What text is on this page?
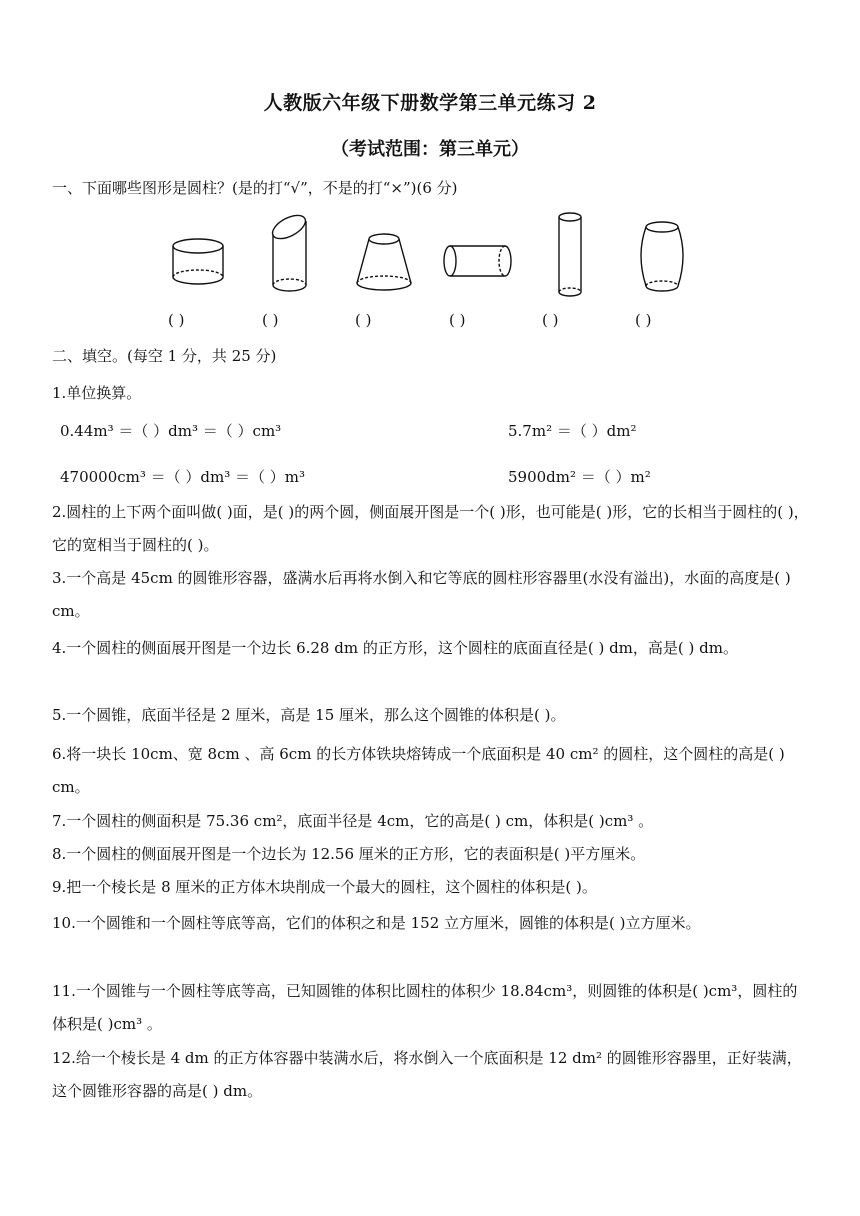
人教版六年级下册数学第三单元练习 2
（考试范围：第三单元）
一、下面哪些图形是圆柱？(是的打“√”，不是的打“×”)(6 分)
( )	( )	( )	( )	( )	( )
二、填空。(每空 1 分，共 25 分)
1.单位换算。
0.44m³ ＝（ ）dm³ ＝（ ）cm³	5.7m² ＝（ ）dm²
470000cm³ ＝（ ）dm³ ＝（ ）m³	5900dm² ＝（ ）m²
2.圆柱的上下两个面叫做( )面，是( )的两个圆，侧面展开图是一个( )形，也可能是( )形，它的长相当于圆柱的( )，它的宽相当于圆柱的( )。
3.一个高是 45cm 的圆锥形容器，盛满水后再将水倒入和它等底的圆柱形容器里(水没有溢出)，水面的高度是( ) cm。
4.一个圆柱的侧面展开图是一个边长 6.28 dm 的正方形，这个圆柱的底面直径是( ) dm，高是( ) dm。
5.一个圆锥，底面半径是 2 厘米，高是 15 厘米，那么这个圆锥的体积是( )。
6.将一块长 10cm、宽 8cm 、高 6cm 的长方体铁块熔铸成一个底面积是 40 cm² 的圆柱，这个圆柱的高是( ) cm。
7.一个圆柱的侧面积是 75.36 cm²，底面半径是 4cm，它的高是( ) cm，体积是( )cm³ 。
8.一个圆柱的侧面展开图是一个边长为 12.56 厘米的正方形，它的表面积是( )平方厘米。
9.把一个棱长是 8 厘米的正方体木块削成一个最大的圆柱，这个圆柱的体积是( )。
10.一个圆锥和一个圆柱等底等高，它们的体积之和是 152 立方厘米，圆锥的体积是( )立方厘米。
11.一个圆锥与一个圆柱等底等高，已知圆锥的体积比圆柱的体积少 18.84cm³，则圆锥的体积是( )cm³，圆柱的体积是( )cm³ 。
12.给一个棱长是 4 dm 的正方体容器中装满水后，将水倒入一个底面积是 12 dm² 的圆锥形容器里，正好装满，这个圆锥形容器的高是( ) dm。
